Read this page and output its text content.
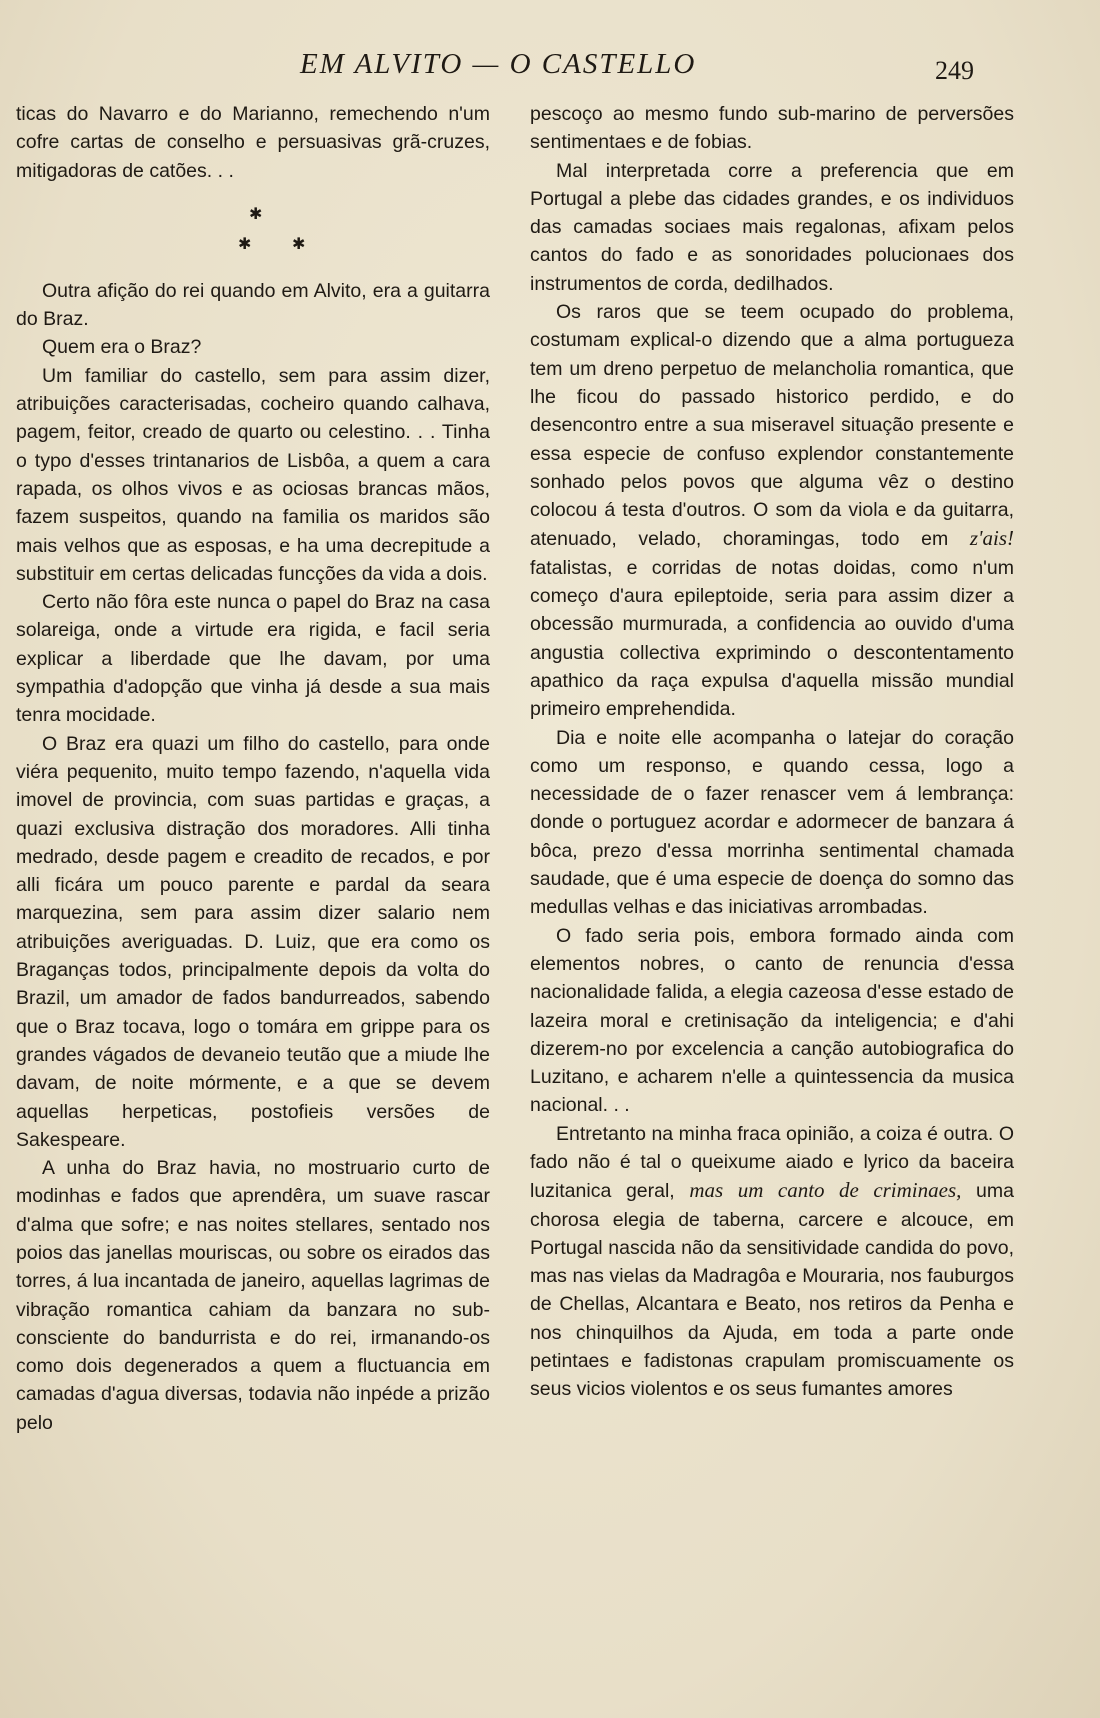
EM ALVITO — O CASTELLO	249

ticas do Navarro e do Marianno, remechendo n'um cofre cartas de conselho e persuasivas grã-cruzes, mitigadoras de catões. . .

✱
✱	✱

Outra afição do rei quando em Alvito, era a guitarra do Braz.

Quem era o Braz?

Um familiar do castello, sem para assim dizer, atribuições caracterisadas, cocheiro quando calhava, pagem, feitor, creado de quarto ou celestino. . . Tinha o typo d'esses trintanarios de Lisbôa, a quem a cara rapada, os olhos vivos e as ociosas brancas mãos, fazem suspeitos, quando na familia os maridos são mais velhos que as esposas, e ha uma decrepitude a substituir em certas delicadas funcções da vida a dois.

Certo não fôra este nunca o papel do Braz na casa solareiga, onde a virtude era rigida, e facil seria explicar a liberdade que lhe davam, por uma sympathia d'adopção que vinha já desde a sua mais tenra mocidade.

O Braz era quazi um filho do castello, para onde viéra pequenito, muito tempo fazendo, n'aquella vida imovel de provincia, com suas partidas e graças, a quazi exclusiva distração dos moradores. Alli tinha medrado, desde pagem e creadito de recados, e por alli ficára um pouco parente e pardal da seara marquezina, sem para assim dizer salario nem atribuições averiguadas. D. Luiz, que era como os Braganças todos, principalmente depois da volta do Brazil, um amador de fados bandurreados, sabendo que o Braz tocava, logo o tomára em grippe para os grandes vágados de devaneio teutão que a miude lhe davam, de noite mórmente, e a que se devem aquellas herpeticas, postofieis versões de Sakespeare.

A unha do Braz havia, no mostruario curto de modinhas e fados que aprendêra, um suave rascar d'alma que sofre; e nas noites stellares, sentado nos poios das janellas mouriscas, ou sobre os eirados das torres, á lua incantada de janeiro, aquellas lagrimas de vibração romantica cahiam da banzara no sub-consciente do bandurrista e do rei, irmanando-os como dois degenerados a quem a fluctuancia em camadas d'agua diversas, todavia não inpéde a prizão pelo

pescoço ao mesmo fundo sub-marino de perversões sentimentaes e de fobias.

Mal interpretada corre a preferencia que em Portugal a plebe das cidades grandes, e os individuos das camadas sociaes mais regalonas, afixam pelos cantos do fado e as sonoridades polucionaes dos instrumentos de corda, dedilhados.

Os raros que se teem ocupado do problema, costumam explical-o dizendo que a alma portugueza tem um dreno perpetuo de melancholia romantica, que lhe ficou do passado historico perdido, e do desencontro entre a sua miseravel situação presente e essa especie de confuso explendor constantemente sonhado pelos povos que alguma vêz o destino colocou á testa d'outros. O som da viola e da guitarra, atenuado, velado, choramingas, todo em z'ais! fatalistas, e corridas de notas doidas, como n'um começo d'aura epileptoide, seria para assim dizer a obcessão murmurada, a confidencia ao ouvido d'uma angustia collectiva exprimindo o descontentamento apathico da raça expulsa d'aquella missão mundial primeiro emprehendida.

Dia e noite elle acompanha o latejar do coração como um responso, e quando cessa, logo a necessidade de o fazer renascer vem á lembrança: donde o portuguez acordar e adormecer de banzara á bôca, prezo d'essa morrinha sentimental chamada saudade, que é uma especie de doença do somno das medullas velhas e das iniciativas arrombadas.

O fado seria pois, embora formado ainda com elementos nobres, o canto de renuncia d'essa nacionalidade falida, a elegia cazeosa d'esse estado de lazeira moral e cretinisação da inteligencia; e d'ahi dizerem-no por excelencia a canção autobiografica do Luzitano, e acharem n'elle a quintessencia da musica nacional. . .

Entretanto na minha fraca opinião, a coiza é outra. O fado não é tal o queixume aiado e lyrico da baceira luzitanica geral, mas um canto de criminaes, uma chorosa elegia de taberna, carcere e alcouce, em Portugal nascida não da sensitividade candida do povo, mas nas vielas da Madragôa e Mouraria, nos fauburgos de Chellas, Alcantara e Beato, nos retiros da Penha e nos chinquilhos da Ajuda, em toda a parte onde petintaes e fadistonas crapulam promiscuamente os seus vicios violentos e os seus fumantes amores
